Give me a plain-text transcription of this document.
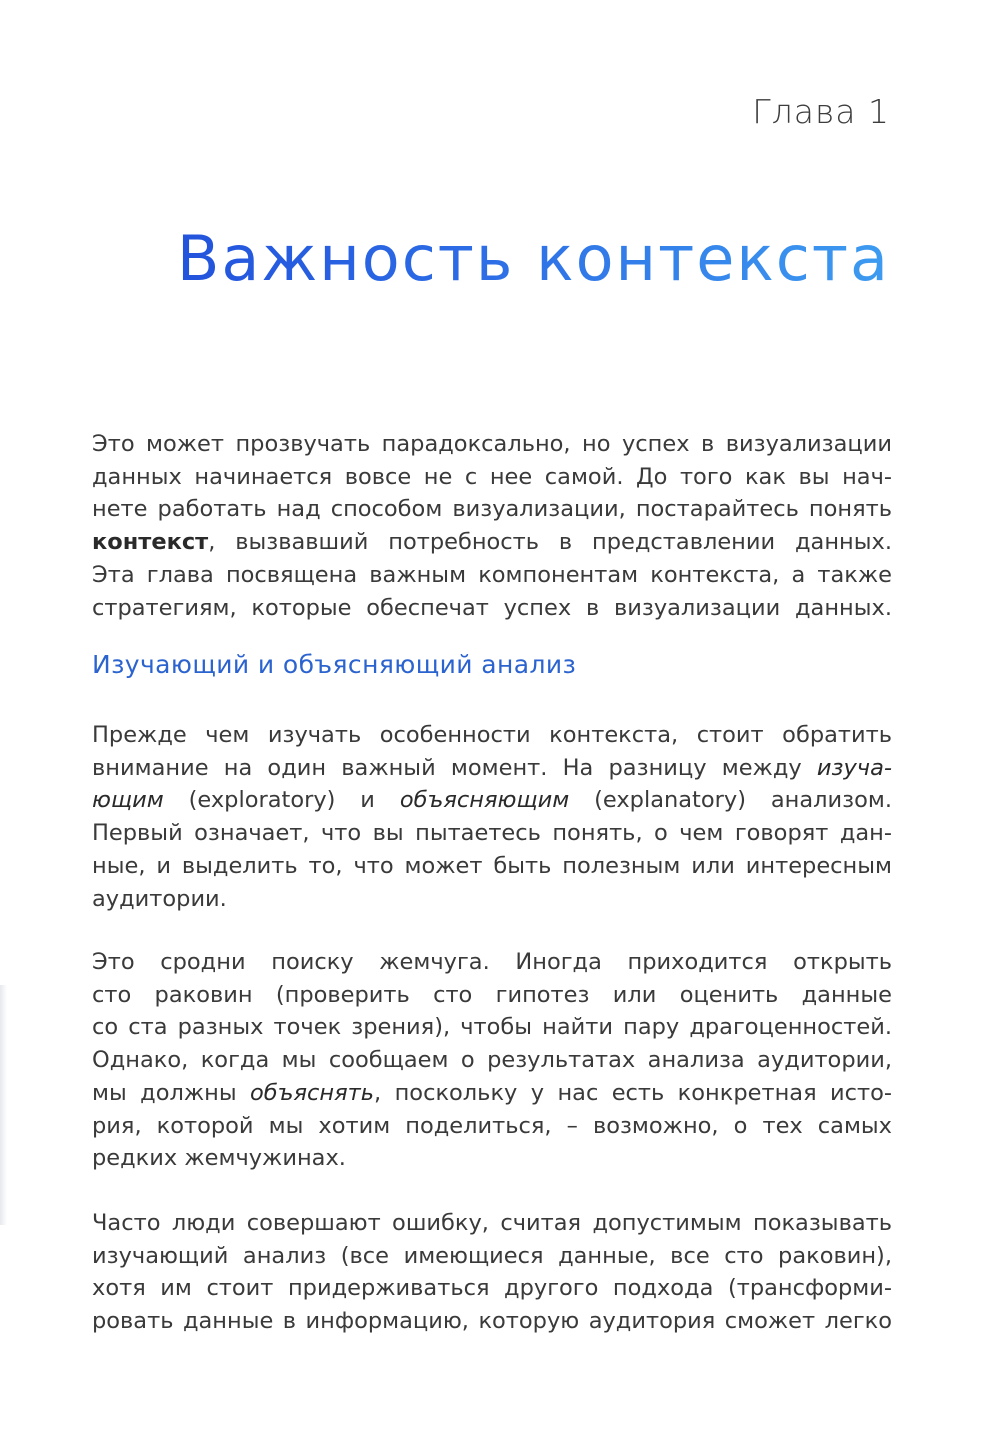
Глава 1
Важность контекста
Это может прозвучать парадоксально, но успех в визуализации
данных начинается вовсе не с нее самой. До того как вы нач-
нете работать над способом визуализации, постарайтесь понять
контекст, вызвавший потребность в представлении данных.
Эта глава посвящена важным компонентам контекста, а также
стратегиям, которые обеспечат успех в визуализации данных.
Изучающий и объясняющий анализ
Прежде чем изучать особенности контекста, стоит обратить
внимание на один важный момент. На разницу между изуча-
ющим (exploratory) и объясняющим (explanatory) анализом.
Первый означает, что вы пытаетесь понять, о чем говорят дан-
ные, и выделить то, что может быть полезным или интересным
аудитории.
Это сродни поиску жемчуга. Иногда приходится открыть
сто раковин (проверить сто гипотез или оценить данные
со ста разных точек зрения), чтобы найти пару драгоценностей.
Однако, когда мы сообщаем о результатах анализа аудитории,
мы должны объяснять, поскольку у нас есть конкретная исто-
рия, которой мы хотим поделиться, – возможно, о тех самых
редких жемчужинах.
Часто люди совершают ошибку, считая допустимым показывать
изучающий анализ (все имеющиеся данные, все сто раковин),
хотя им стоит придерживаться другого подхода (трансформи-
ровать данные в информацию, которую аудитория сможет легко
